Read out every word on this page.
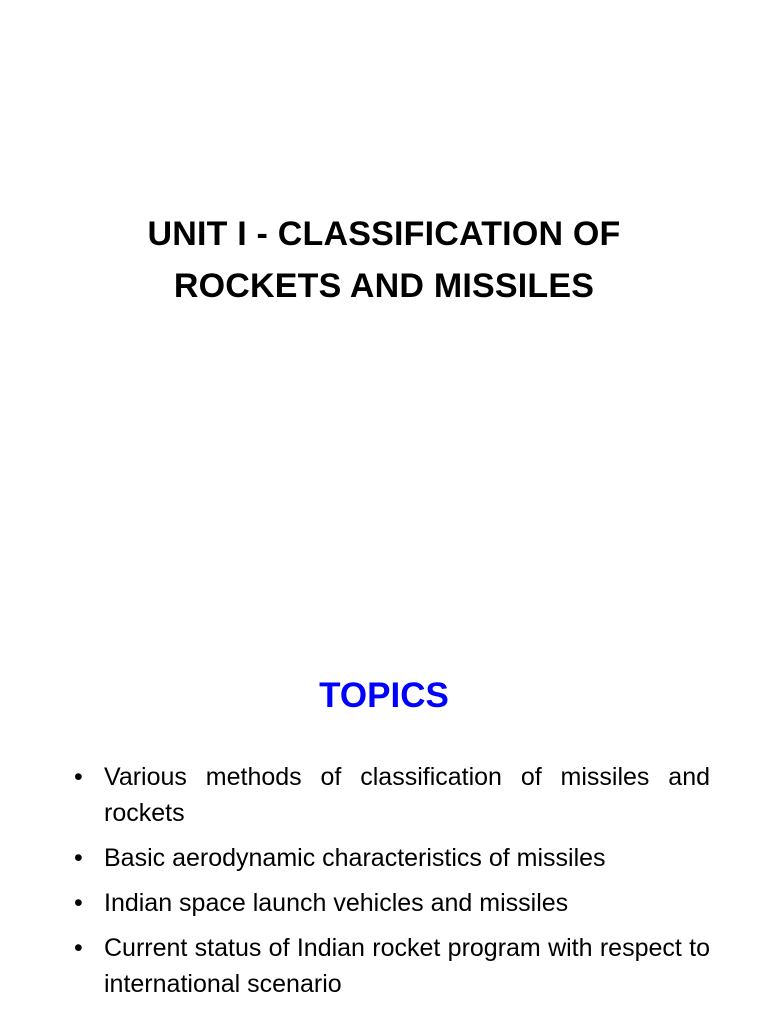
UNIT I - CLASSIFICATION OF
ROCKETS AND MISSILES
TOPICS
• Various methods of classification of missiles and rockets
• Basic aerodynamic characteristics of missiles
• Indian space launch vehicles and missiles
• Current status of Indian rocket program with respect to international scenario
